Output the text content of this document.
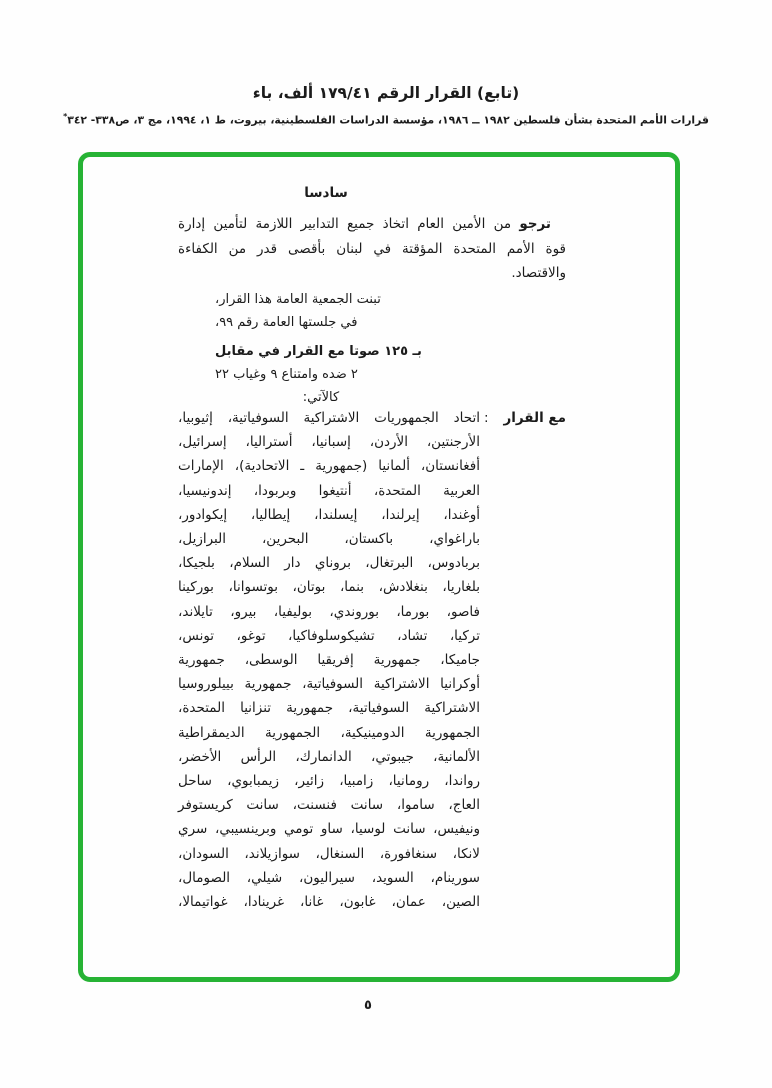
(تابع) القرار الرقم ١٧٩/٤١ ألف، باء
قرارات الأمم المتحدة بشأن فلسطين ١٩٨٢ ــ ١٩٨٦، مؤسسة الدراسات الفلسطينية، بيروت، ط ١، ١٩٩٤، مج ٣، ص٣٣٨- ٣٤٢*
سادسا
ترجو من الأمين العام اتخاذ جميع التدابير اللازمة لتأمين إدارة
قوة الأمم المتحدة المؤقتة في لبنان بأقصى قدر من الكفاءة
والاقتصاد.
تبنت الجمعية العامة هذا القرار،
في جلستها العامة رقم ٩٩،
بـ ١٢٥ صوتا مع القرار في مقابل
٢ ضده وامتناع ٩ وغياب ٢٢
كالآتي:
مع القرار
:
اتحاد الجمهوريات الاشتراكية السوفياتية، إثيوبيا،
الأرجنتين، الأردن، إسبانيا، أستراليا، إسرائيل،
أفغانستان، ألمانيا (جمهورية ـ الاتحادية)، الإمارات
العربية المتحدة، أنتيغوا وبربودا، إندونيسيا،
أوغندا، إيرلندا، إيسلندا، إيطاليا، إيكوادور،
باراغواي، باكستان، البحرين، البرازيل،
بربادوس، البرتغال، بروناي دار السلام، بلجيكا،
بلغاريا، بنغلادش، بنما، بوتان، بوتسوانا، بوركينا
فاصو، بورما، بوروندي، بوليفيا، بيرو، تايلاند،
تركيا، تشاد، تشيكوسلوفاكيا، توغو، تونس،
جاميكا، جمهورية إفريقيا الوسطى، جمهورية
أوكرانيا الاشتراكية السوفياتية، جمهورية بييلوروسيا
الاشتراكية السوفياتية، جمهورية تنزانيا المتحدة،
الجمهورية الدومينيكية، الجمهورية الديمقراطية
الألمانية، جيبوتي، الدانمارك، الرأس الأخضر،
رواندا، رومانيا، زامبيا، زائير، زيمبابوي، ساحل
العاج، ساموا، سانت فنسنت، سانت كريستوفر
ونيفيس، سانت لوسيا، ساو تومي وبرينسيبي، سري
لانكا، سنغافورة، السنغال، سوازيلاند، السودان،
سورينام، السويد، سيراليون، شيلي، الصومال،
الصين، عمان، غابون، غانا، غرينادا، غواتيمالا،
٥
